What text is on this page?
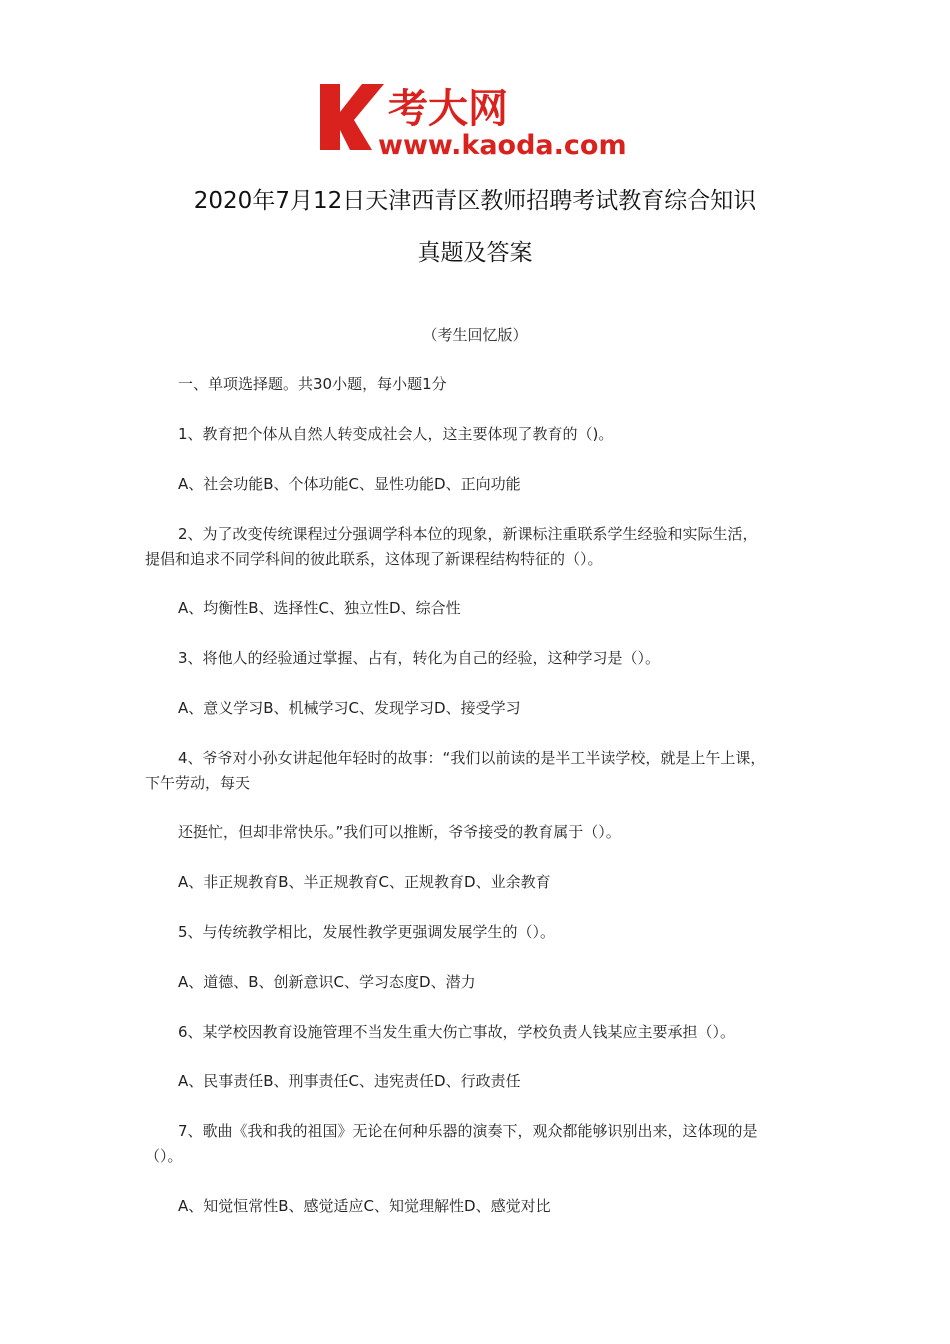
考大网
www.kaoda.com
2020年7月12日天津西青区教师招聘考试教育综合知识
真题及答案
（考生回忆版）
一、单项选择题。共30小题，每小题1分
1、教育把个体从自然人转变成社会人，这主要体现了教育的（)。
A、社会功能B、个体功能C、显性功能D、正向功能
2、为了改变传统课程过分强调学科本位的现象，新课标注重联系学生经验和实际生活，
提倡和追求不同学科间的彼此联系，这体现了新课程结构特征的（）。
A、均衡性B、选择性C、独立性D、综合性
3、将他人的经验通过掌握、占有，转化为自己的经验，这种学习是（）。
A、意义学习B、机械学习C、发现学习D、接受学习
4、爷爷对小孙女讲起他年轻时的故事：“我们以前读的是半工半读学校，就是上午上课，
下午劳动，每天
还挺忙，但却非常快乐。”我们可以推断，爷爷接受的教育属于（）。
A、非正规教育B、半正规教育C、正规教育D、业余教育
5、与传统教学相比，发展性教学更强调发展学生的（）。
A、道德、B、创新意识C、学习态度D、潜力
6、某学校因教育设施管理不当发生重大伤亡事故，学校负责人钱某应主要承担（）。
A、民事责任B、刑事责任C、违宪责任D、行政责任
7、歌曲《我和我的祖国》无论在何种乐器的演奏下，观众都能够识别出来，这体现的是
（）。
A、知觉恒常性B、感觉适应C、知觉理解性D、感觉对比
